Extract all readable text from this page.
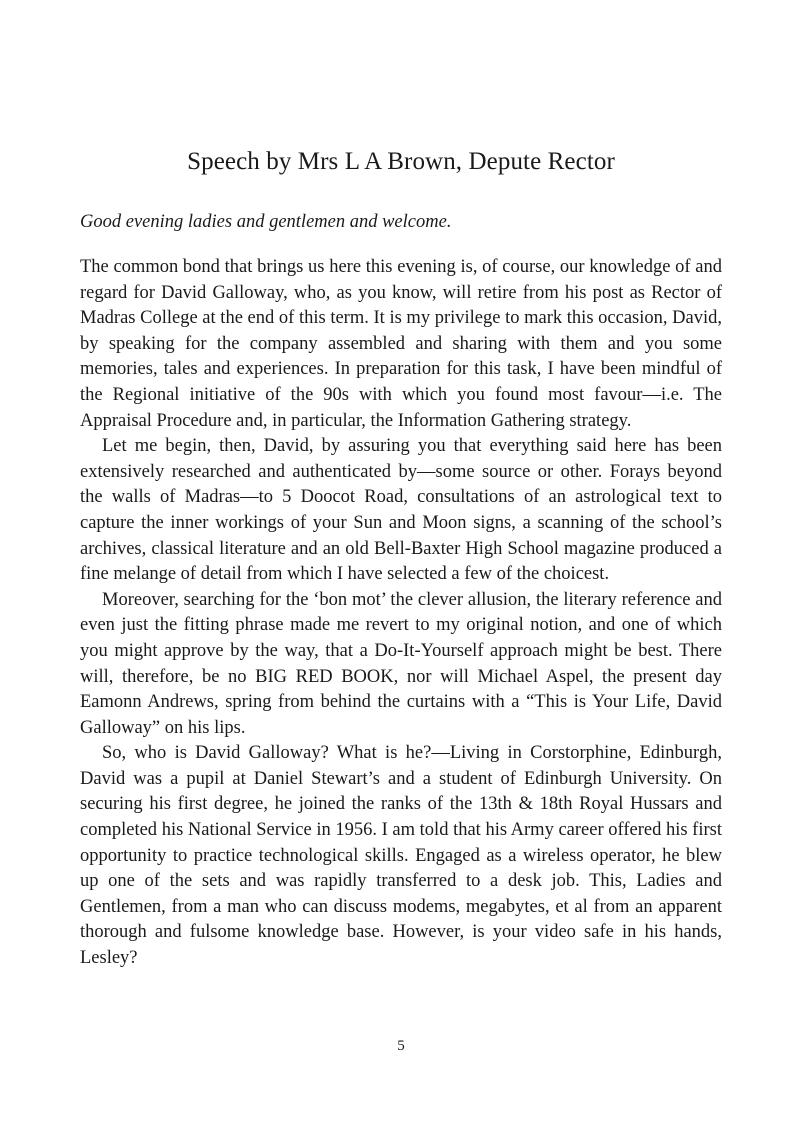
Speech by Mrs L A Brown, Depute Rector

Good evening ladies and gentlemen and welcome.

The common bond that brings us here this evening is, of course, our knowledge of and regard for David Galloway, who, as you know, will retire from his post as Rector of Madras College at the end of this term. It is my privilege to mark this occasion, David, by speaking for the company assembled and sharing with them and you some memories, tales and experiences. In preparation for this task, I have been mindful of the Regional initiative of the 90s with which you found most favour—i.e. The Appraisal Procedure and, in particular, the Information Gathering strategy.

Let me begin, then, David, by assuring you that everything said here has been extensively researched and authenticated by—some source or other. Forays beyond the walls of Madras—to 5 Doocot Road, consultations of an astrological text to capture the inner workings of your Sun and Moon signs, a scanning of the school’s archives, classical literature and an old Bell-Baxter High School magazine produced a fine melange of detail from which I have selected a few of the choicest.

Moreover, searching for the ‘bon mot’ the clever allusion, the literary reference and even just the fitting phrase made me revert to my original notion, and one of which you might approve by the way, that a Do-It-Yourself approach might be best. There will, therefore, be no BIG RED BOOK, nor will Michael Aspel, the present day Eamonn Andrews, spring from behind the curtains with a “This is Your Life, David Galloway” on his lips.

So, who is David Galloway? What is he?—Living in Corstorphine, Edinburgh, David was a pupil at Daniel Stewart’s and a student of Edinburgh University. On securing his first degree, he joined the ranks of the 13th & 18th Royal Hussars and completed his National Service in 1956. I am told that his Army career offered his first opportunity to practice technological skills. Engaged as a wireless operator, he blew up one of the sets and was rapidly transferred to a desk job. This, Ladies and Gentlemen, from a man who can discuss modems, megabytes, et al from an apparent thorough and fulsome knowledge base. However, is your video safe in his hands, Lesley?

5
